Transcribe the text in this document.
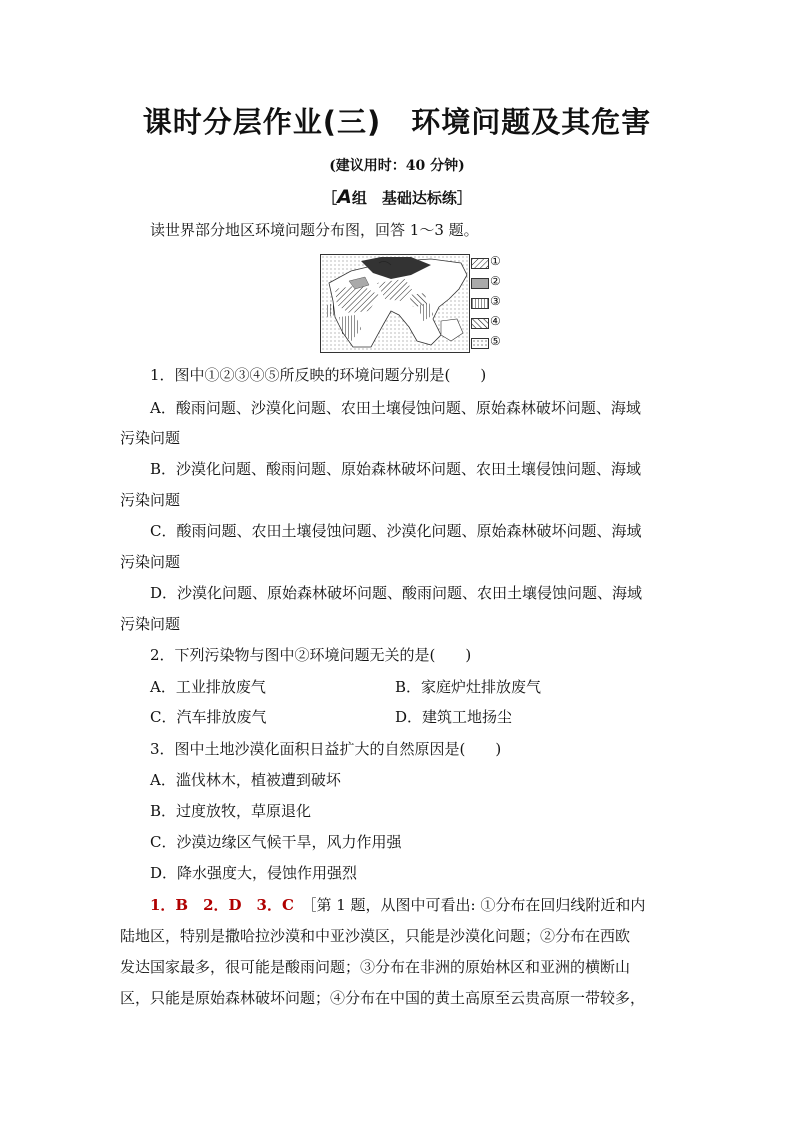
课时分层作业(三) 环境问题及其危害
(建议用时：40 分钟)
［A组　基础达标练］
读世界部分地区环境问题分布图，回答 1～3 题。
①
②
③
④
⑤
1．图中①②③④⑤所反映的环境问题分别是(　　)
A．酸雨问题、沙漠化问题、农田土壤侵蚀问题、原始森林破坏问题、海域
污染问题
B．沙漠化问题、酸雨问题、原始森林破坏问题、农田土壤侵蚀问题、海域
污染问题
C．酸雨问题、农田土壤侵蚀问题、沙漠化问题、原始森林破坏问题、海域
污染问题
D．沙漠化问题、原始森林破坏问题、酸雨问题、农田土壤侵蚀问题、海域
污染问题
2．下列污染物与图中②环境问题无关的是(　　)
A．工业排放废气	B．家庭炉灶排放废气
C．汽车排放废气	D．建筑工地扬尘
3．图中土地沙漠化面积日益扩大的自然原因是(　　)
A．滥伐林木，植被遭到破坏
B．过度放牧，草原退化
C．沙漠边缘区气候干旱，风力作用强
D．降水强度大，侵蚀作用强烈
1．B　2．D　3．C　 ［第 1 题，从图中可看出: ①分布在回归线附近和内
陆地区，特别是撒哈拉沙漠和中亚沙漠区，只能是沙漠化问题；②分布在西欧
发达国家最多，很可能是酸雨问题；③分布在非洲的原始林区和亚洲的横断山
区，只能是原始森林破坏问题；④分布在中国的黄土高原至云贵高原一带较多，
